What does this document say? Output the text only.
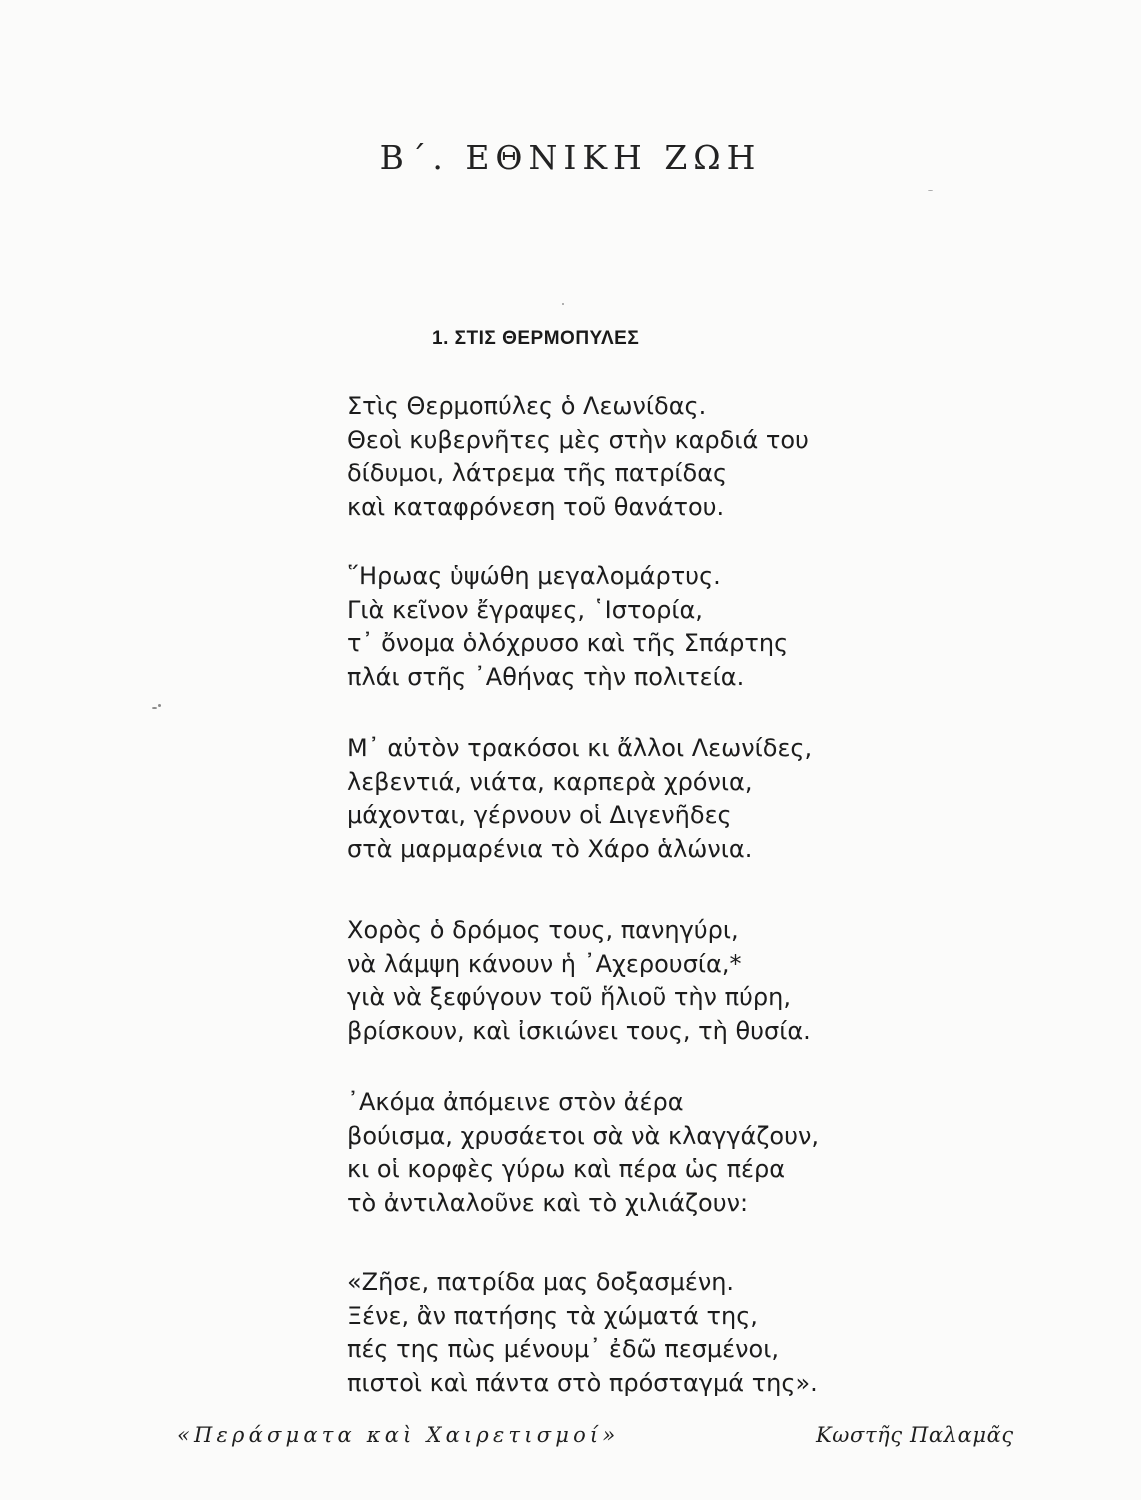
Β΄. ΕΘΝΙΚΗ ΖΩΗ
1. ΣΤΙΣ ΘΕΡΜΟΠΥΛΕΣ
Στὶς Θερμοπύλες ὁ Λεωνίδας.
Θεοὶ κυβερνῆτες μὲς στὴν καρδιά του
δίδυμοι, λάτρεμα τῆς πατρίδας
καὶ καταφρόνεση τοῦ θανάτου.
῞Ηρωας ὑψώθη μεγαλομάρτυς.
Γιὰ κεῖνον ἔγραψες, ῾Ιστορία,
τ᾿ ὄνομα ὁλόχρυσο καὶ τῆς Σπάρτης
πλάι στῆς ᾿Αθήνας τὴν πολιτεία.
Μ᾿ αὐτὸν τρακόσοι κι ἄλλοι Λεωνίδες,
λεβεντιά, νιάτα, καρπερὰ χρόνια,
μάχονται, γέρνουν οἱ Διγενῆδες
στὰ μαρμαρένια τὸ Χάρο ἁλώνια.
Χορὸς ὁ δρόμος τους, πανηγύρι,
νὰ λάμψη κάνουν ἡ ᾿Αχερουσία,*
γιὰ νὰ ξεφύγουν τοῦ ἥλιοῦ τὴν πύρη,
βρίσκουν, καὶ ἰσκιώνει τους, τὴ θυσία.
᾿Ακόμα ἀπόμεινε στὸν ἀέρα
βούισμα, χρυσάετοι σὰ νὰ κλαγγάζουν,
κι οἱ κορφὲς γύρω καὶ πέρα ὡς πέρα
τὸ ἀντιλαλοῦνε καὶ τὸ χιλιάζουν:
«Ζῆσε, πατρίδα μας δοξασμένη.
Ξένε, ἂν πατήσης τὰ χώματά της,
πές της πὼς μένουμ᾿ ἐδῶ πεσμένοι,
πιστοὶ καὶ πάντα στὸ πρόσταγμά της».
«Περάσματα καὶ Χαιρετισμοί»	Κωστῆς Παλαμᾶς
